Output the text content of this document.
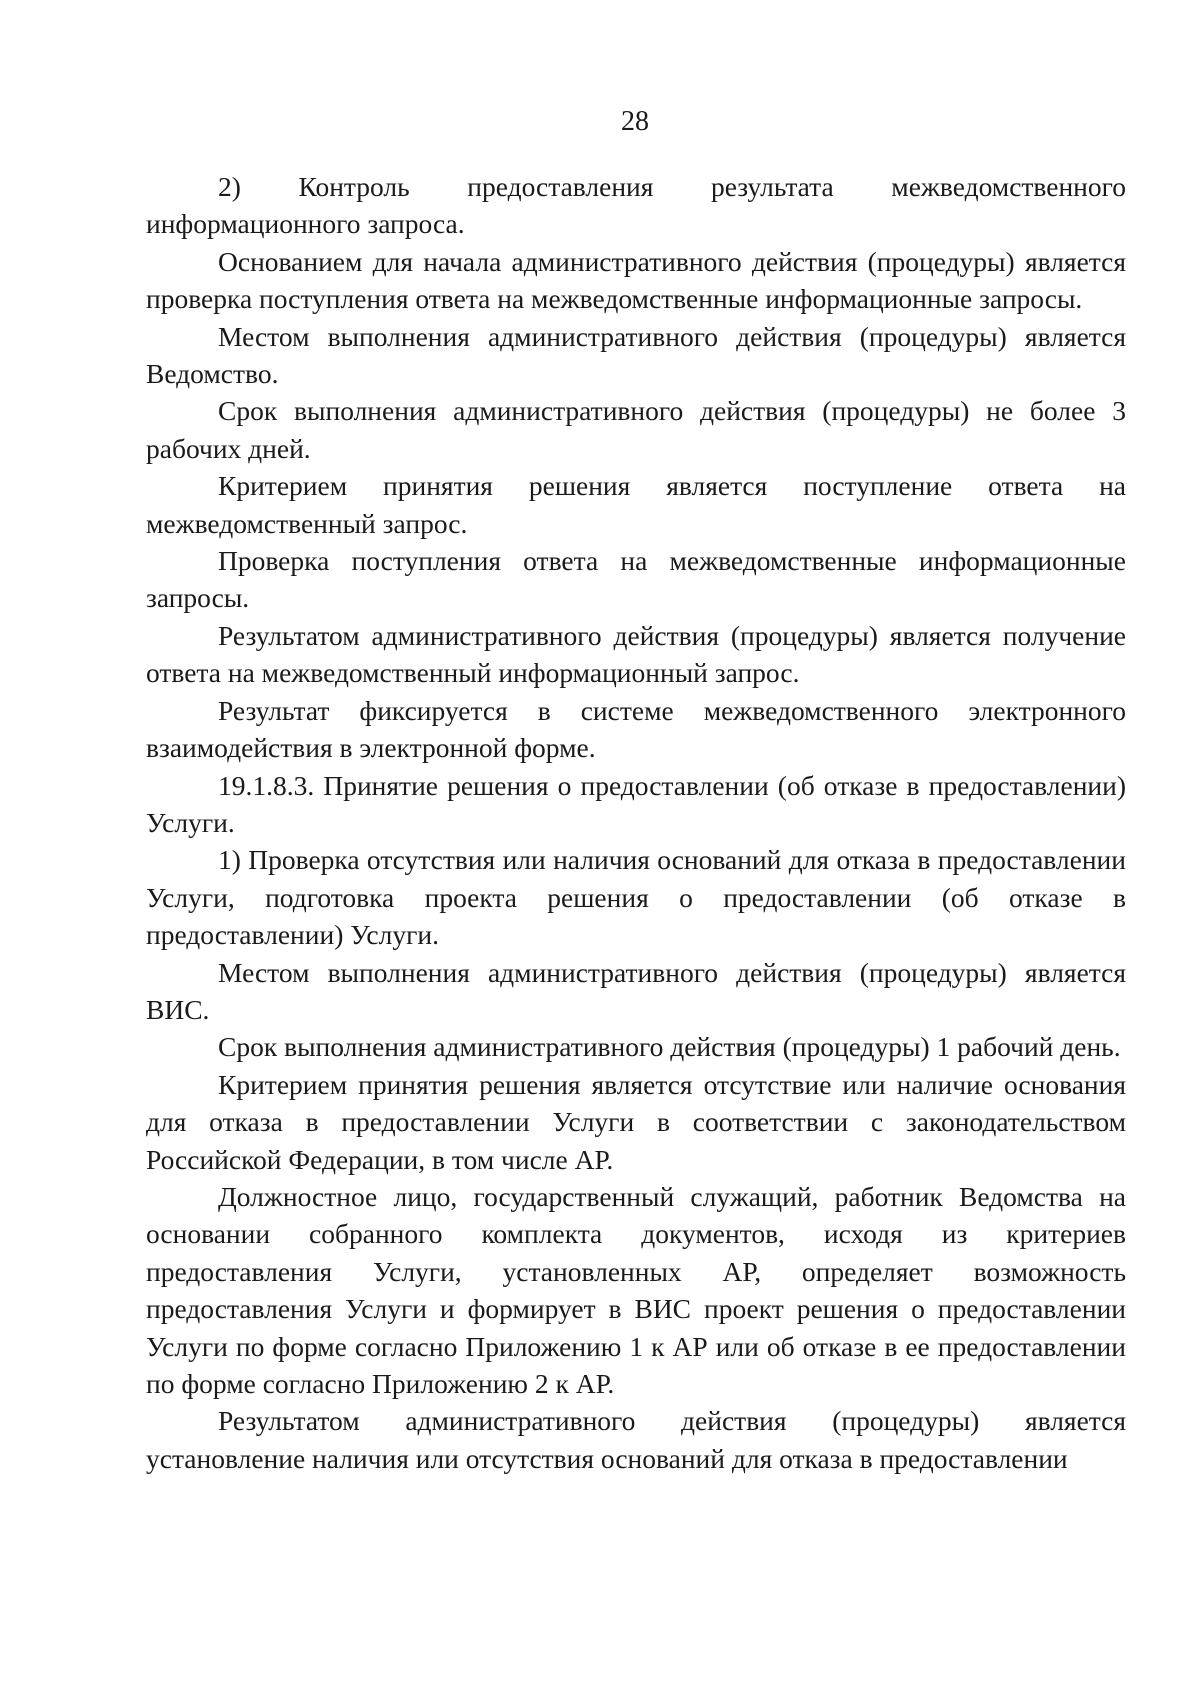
28

2) Контроль предоставления результата межведомственного информационного запроса.

Основанием для начала административного действия (процедуры) является проверка поступления ответа на межведомственные информационные запросы.

Местом выполнения административного действия (процедуры) является Ведомство.

Срок выполнения административного действия (процедуры) не более 3 рабочих дней.

Критерием принятия решения является поступление ответа на межведомственный запрос.

Проверка поступления ответа на межведомственные информационные запросы.

Результатом административного действия (процедуры) является получение ответа на межведомственный информационный запрос.

Результат фиксируется в системе межведомственного электронного взаимодействия в электронной форме.

19.1.8.3. Принятие решения о предоставлении (об отказе в предоставлении) Услуги.

1) Проверка отсутствия или наличия оснований для отказа в предоставлении Услуги, подготовка проекта решения о предоставлении (об отказе в предоставлении) Услуги.

Местом выполнения административного действия (процедуры) является ВИС.

Срок выполнения административного действия (процедуры) 1 рабочий день.

Критерием принятия решения является отсутствие или наличие основания для отказа в предоставлении Услуги в соответствии с законодательством Российской Федерации, в том числе АР.

Должностное лицо, государственный служащий, работник Ведомства на основании собранного комплекта документов, исходя из критериев предоставления Услуги, установленных АР, определяет возможность предоставления Услуги и формирует в ВИС проект решения о предоставлении Услуги по форме согласно Приложению 1 к АР или об отказе в ее предоставлении по форме согласно Приложению 2 к АР.

Результатом административного действия (процедуры) является установление наличия или отсутствия оснований для отказа в предоставлении
